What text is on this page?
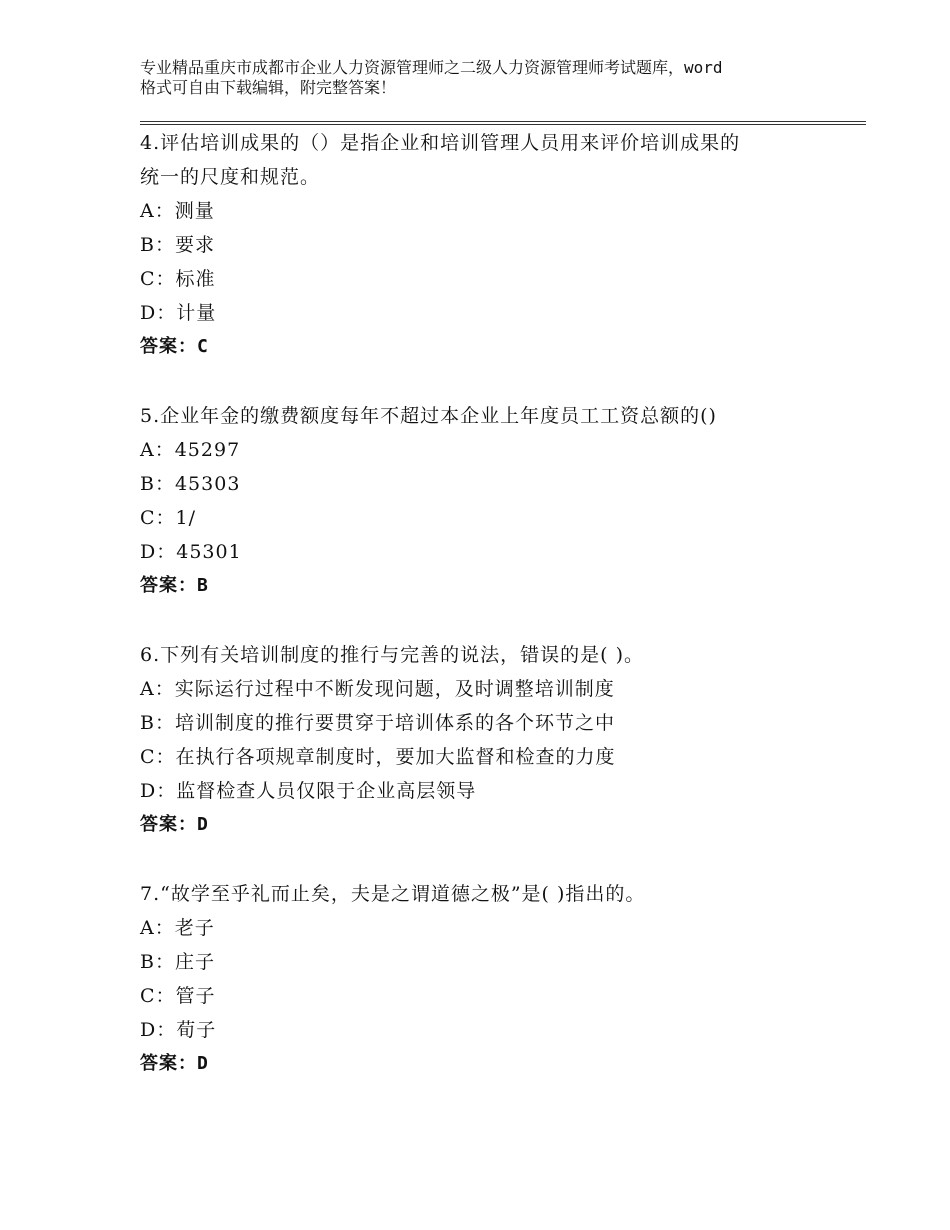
专业精品重庆市成都市企业人力资源管理师之二级人力资源管理师考试题库，word
格式可自由下载编辑，附完整答案！
4.评估培训成果的（）是指企业和培训管理人员用来评价培训成果的
统一的尺度和规范。
A：测量
B：要求
C：标准
D：计量
答案：C
5.企业年金的缴费额度每年不超过本企业上年度员工工资总额的()
A：45297
B：45303
C：1/
D：45301
答案：B
6.下列有关培训制度的推行与完善的说法，错误的是( )。
A：实际运行过程中不断发现问题，及时调整培训制度
B：培训制度的推行要贯穿于培训体系的各个环节之中
C：在执行各项规章制度时，要加大监督和检查的力度
D：监督检查人员仅限于企业高层领导
答案：D
7.“故学至乎礼而止矣，夫是之谓道德之极”是( )指出的。
A：老子
B：庄子
C：管子
D：荀子
答案：D
